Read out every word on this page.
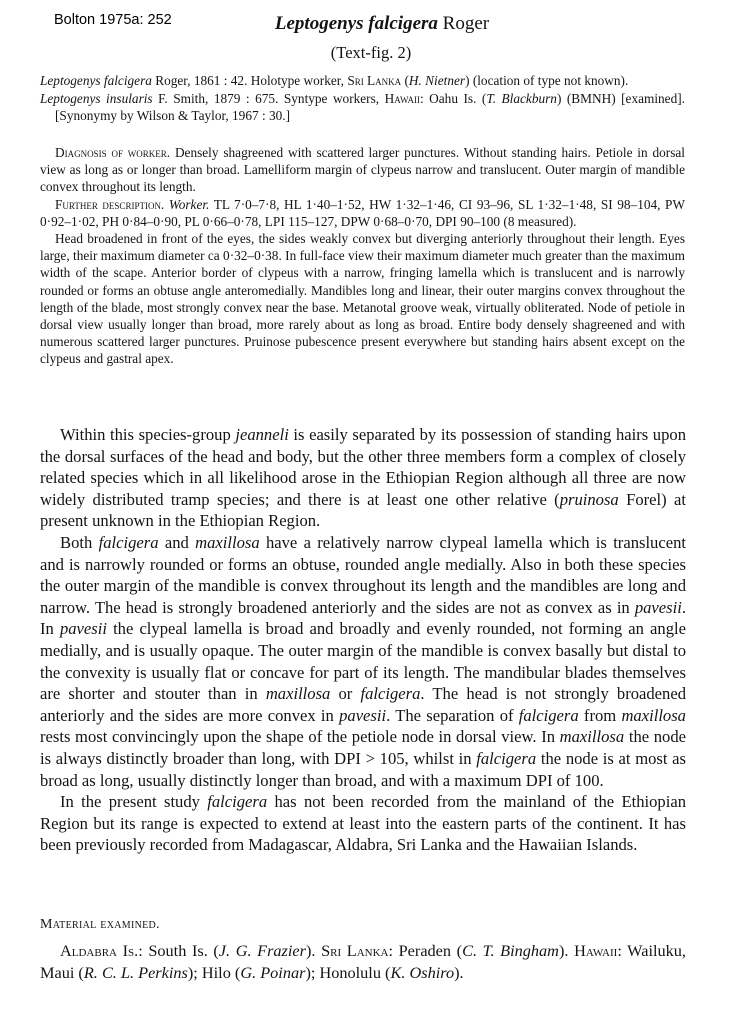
Bolton 1975a: 252	Leptogenys falcigera Roger
(Text-fig. 2)

Leptogenys falcigera Roger, 1861 : 42. Holotype worker, Sri Lanka (H. Nietner) (location of type not known).

Leptogenys insularis F. Smith, 1879 : 675. Syntype workers, Hawaii: Oahu Is. (T. Blackburn) (BMNH) [examined]. [Synonymy by Wilson & Taylor, 1967 : 30.]

Diagnosis of worker. Densely shagreened with scattered larger punctures. Without standing hairs. Petiole in dorsal view as long as or longer than broad. Lamelliform margin of clypeus narrow and translucent. Outer margin of mandible convex throughout its length.

Further description. Worker. TL 7·0–7·8, HL 1·40–1·52, HW 1·32–1·46, CI 93–96, SL 1·32–1·48, SI 98–104, PW 0·92–1·02, PH 0·84–0·90, PL 0·66–0·78, LPI 115–127, DPW 0·68–0·70, DPI 90–100 (8 measured).

Head broadened in front of the eyes, the sides weakly convex but diverging anteriorly throughout their length. Eyes large, their maximum diameter ca 0·32–0·38. In full-face view their maximum diameter much greater than the maximum width of the scape. Anterior border of clypeus with a narrow, fringing lamella which is translucent and is narrowly rounded or forms an obtuse angle anteromedially. Mandibles long and linear, their outer margins convex throughout the length of the blade, most strongly convex near the base. Metanotal groove weak, virtually obliterated. Node of petiole in dorsal view usually longer than broad, more rarely about as long as broad. Entire body densely shagreened and with numerous scattered larger punctures. Pruinose pubescence present everywhere but standing hairs absent except on the clypeus and gastral apex.

Within this species-group jeanneli is easily separated by its possession of standing hairs upon the dorsal surfaces of the head and body, but the other three members form a complex of closely related species which in all likelihood arose in the Ethiopian Region although all three are now widely distributed tramp species; and there is at least one other relative (pruinosa Forel) at present unknown in the Ethiopian Region.

Both falcigera and maxillosa have a relatively narrow clypeal lamella which is translucent and is narrowly rounded or forms an obtuse, rounded angle medially. Also in both these species the outer margin of the mandible is convex throughout its length and the mandibles are long and narrow. The head is strongly broadened anteriorly and the sides are not as convex as in pavesii. In pavesii the clypeal lamella is broad and broadly and evenly rounded, not forming an angle medially, and is usually opaque. The outer margin of the mandible is convex basally but distal to the convexity is usually flat or concave for part of its length. The mandibular blades themselves are shorter and stouter than in maxillosa or falcigera. The head is not strongly broadened anteriorly and the sides are more convex in pavesii. The separation of falcigera from maxillosa rests most convincingly upon the shape of the petiole node in dorsal view. In maxillosa the node is always distinctly broader than long, with DPI > 105, whilst in falcigera the node is at most as broad as long, usually distinctly longer than broad, and with a maximum DPI of 100.

In the present study falcigera has not been recorded from the mainland of the Ethiopian Region but its range is expected to extend at least into the eastern parts of the continent. It has been previously recorded from Madagascar, Aldabra, Sri Lanka and the Hawaiian Islands.

Material examined.

Aldabra Is.: South Is. (J. G. Frazier). Sri Lanka: Peraden (C. T. Bingham). Hawaii: Wailuku, Maui (R. C. L. Perkins); Hilo (G. Poinar); Honolulu (K. Oshiro).
